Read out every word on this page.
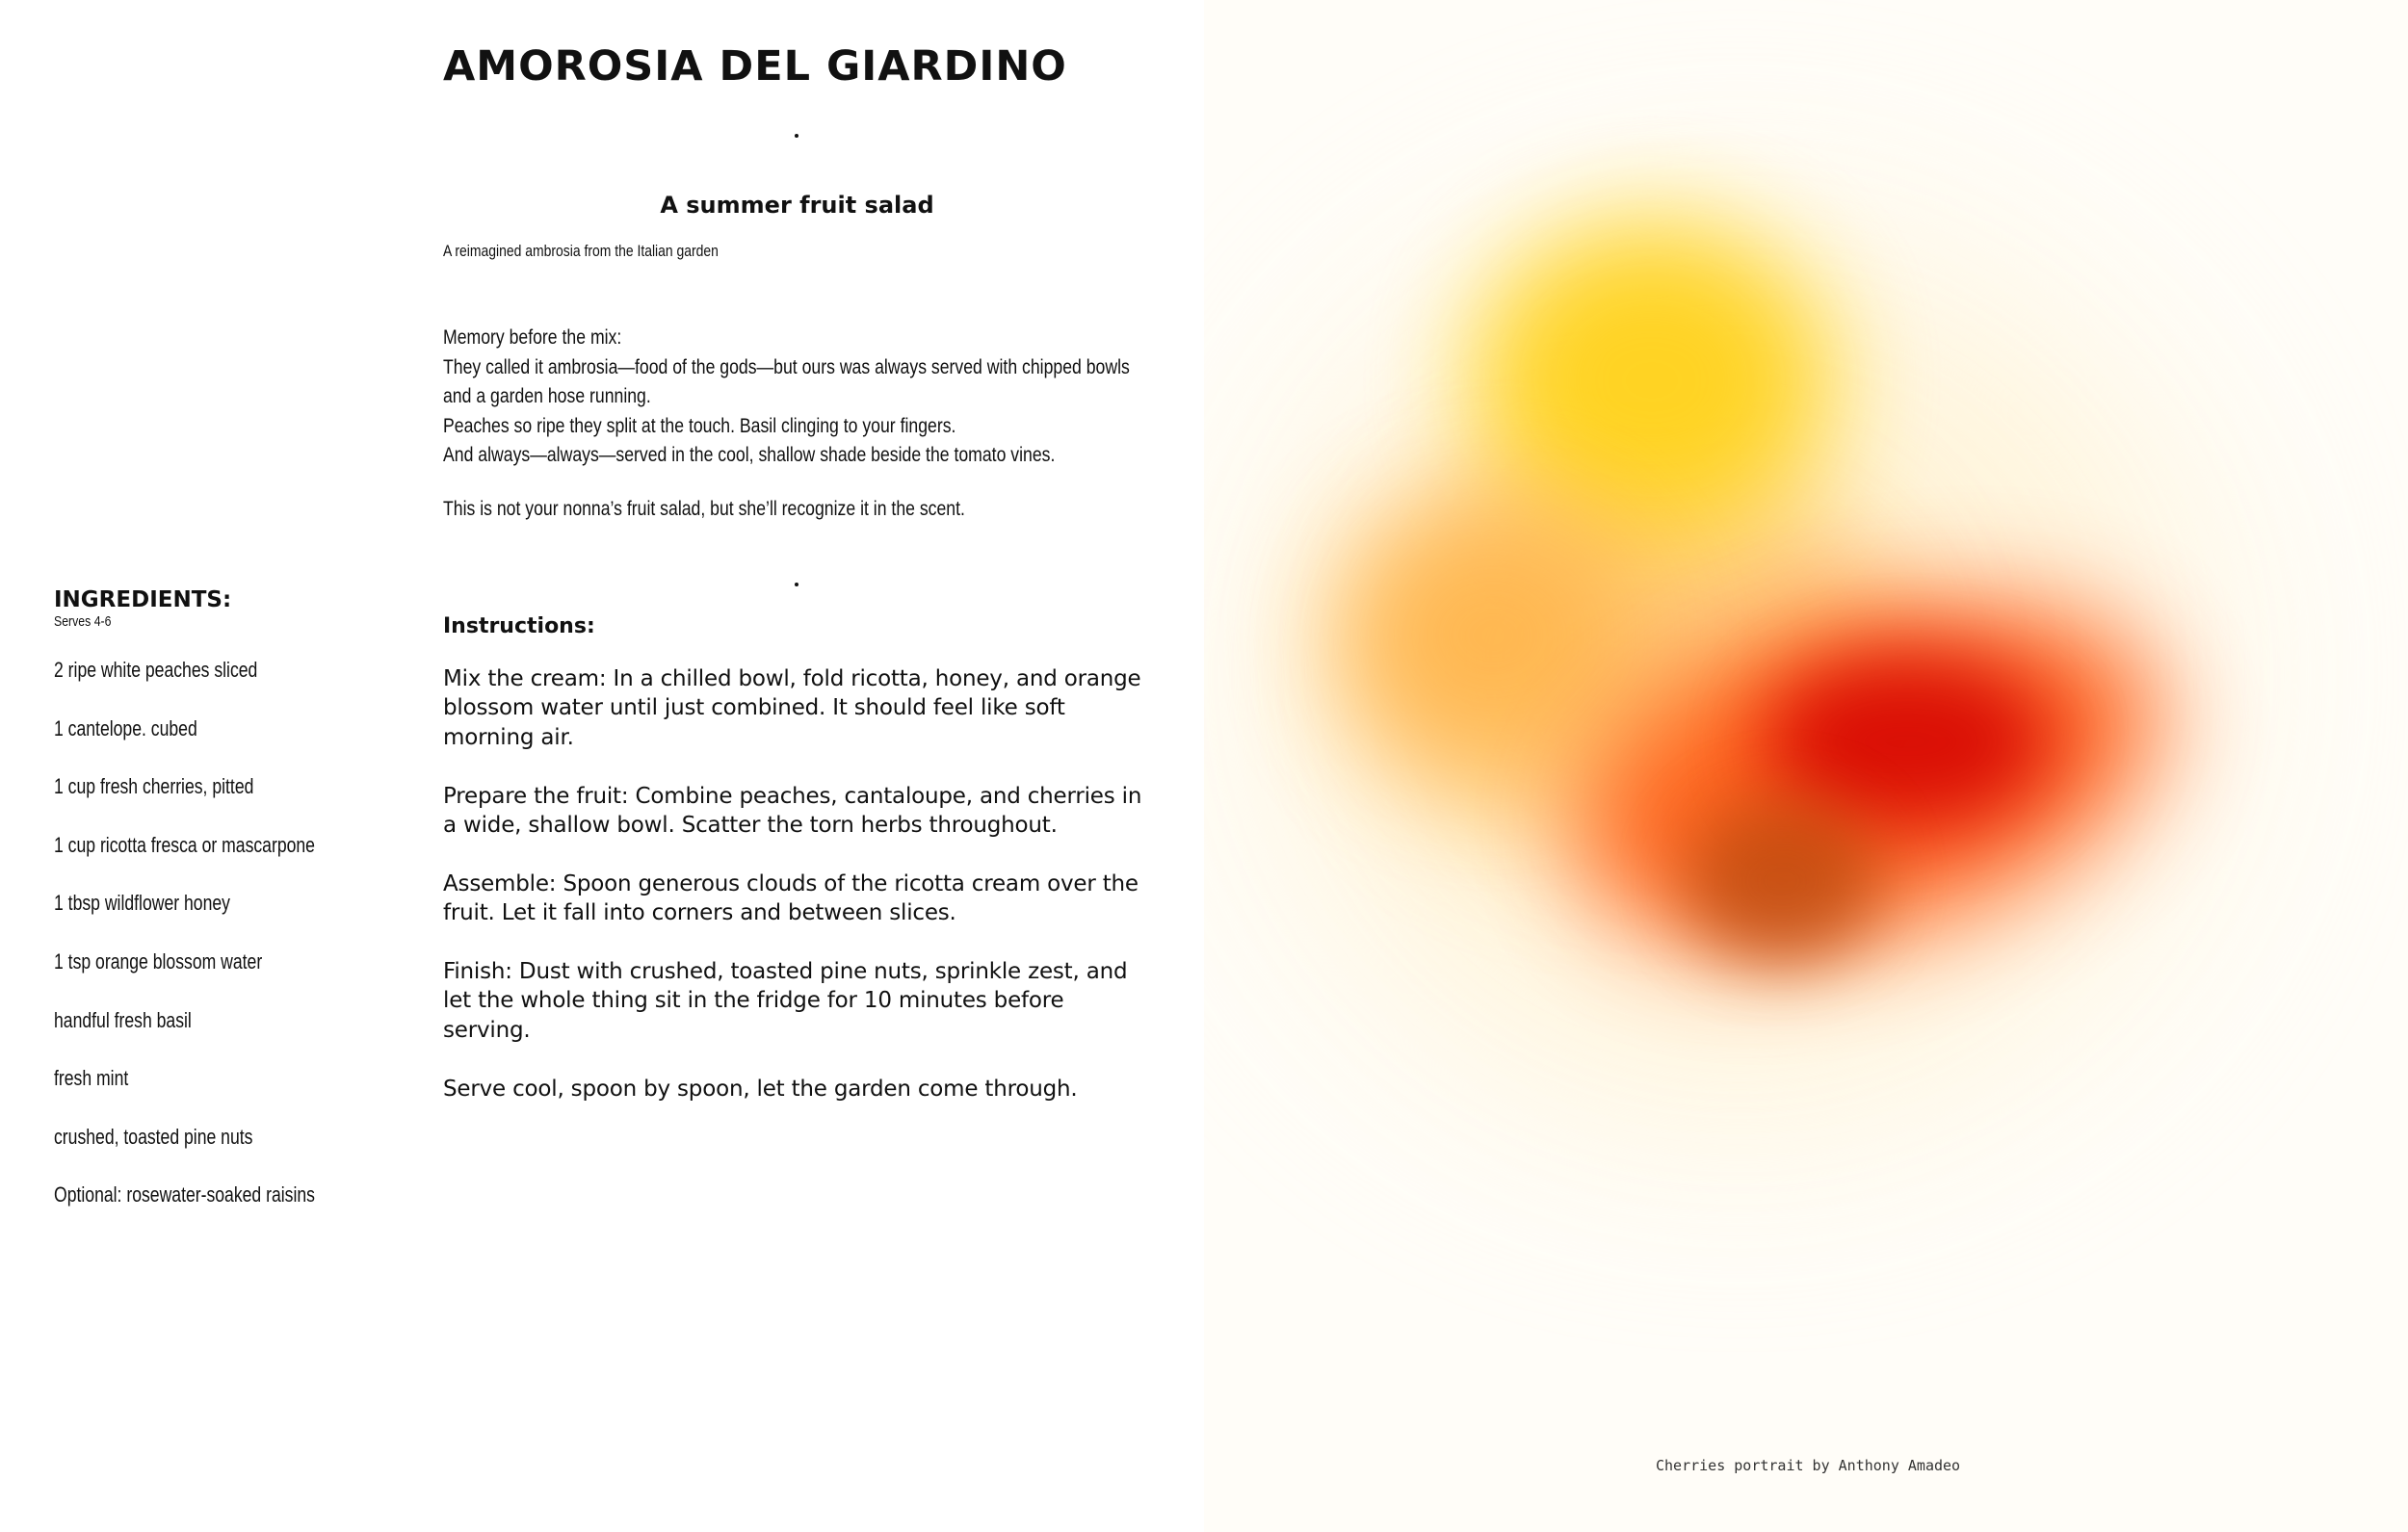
AMOROSIA DEL GIARDINO
A summer fruit salad
A reimagined ambrosia from the Italian garden

Memory before the mix:

They called it ambrosia—food of the gods—but ours was always served with chipped bowls and a garden hose running.
Peaches so ripe they split at the touch. Basil clinging to your fingers.
And always—always—served in the cool, shallow shade beside the tomato vines.

This is not your nonna’s fruit salad, but she’ll recognize it in the scent.

INGREDIENTS:
Serves 4-6
2 ripe white peaches sliced
1 cantelope. cubed
1 cup fresh cherries, pitted
1 cup ricotta fresca or mascarpone
1 tbsp wildflower honey
1 tsp orange blossom water
handful fresh basil
fresh mint
crushed, toasted pine nuts
Optional: rosewater-soaked raisins
Instructions:
Mix the cream: In a chilled bowl, fold ricotta, honey, and orange blossom water until just combined. It should feel like soft morning air.
Prepare the fruit: Combine peaches, cantaloupe, and cherries in a wide, shallow bowl. Scatter the torn herbs throughout.
Assemble: Spoon generous clouds of the ricotta cream over the fruit. Let it fall into corners and between slices.
Finish: Dust with crushed, toasted pine nuts, sprinkle zest, and let the whole thing sit in the fridge for 10 minutes before serving.
Serve cool, spoon by spoon, let the garden come through.
Cherries portrait by Anthony Amadeo
